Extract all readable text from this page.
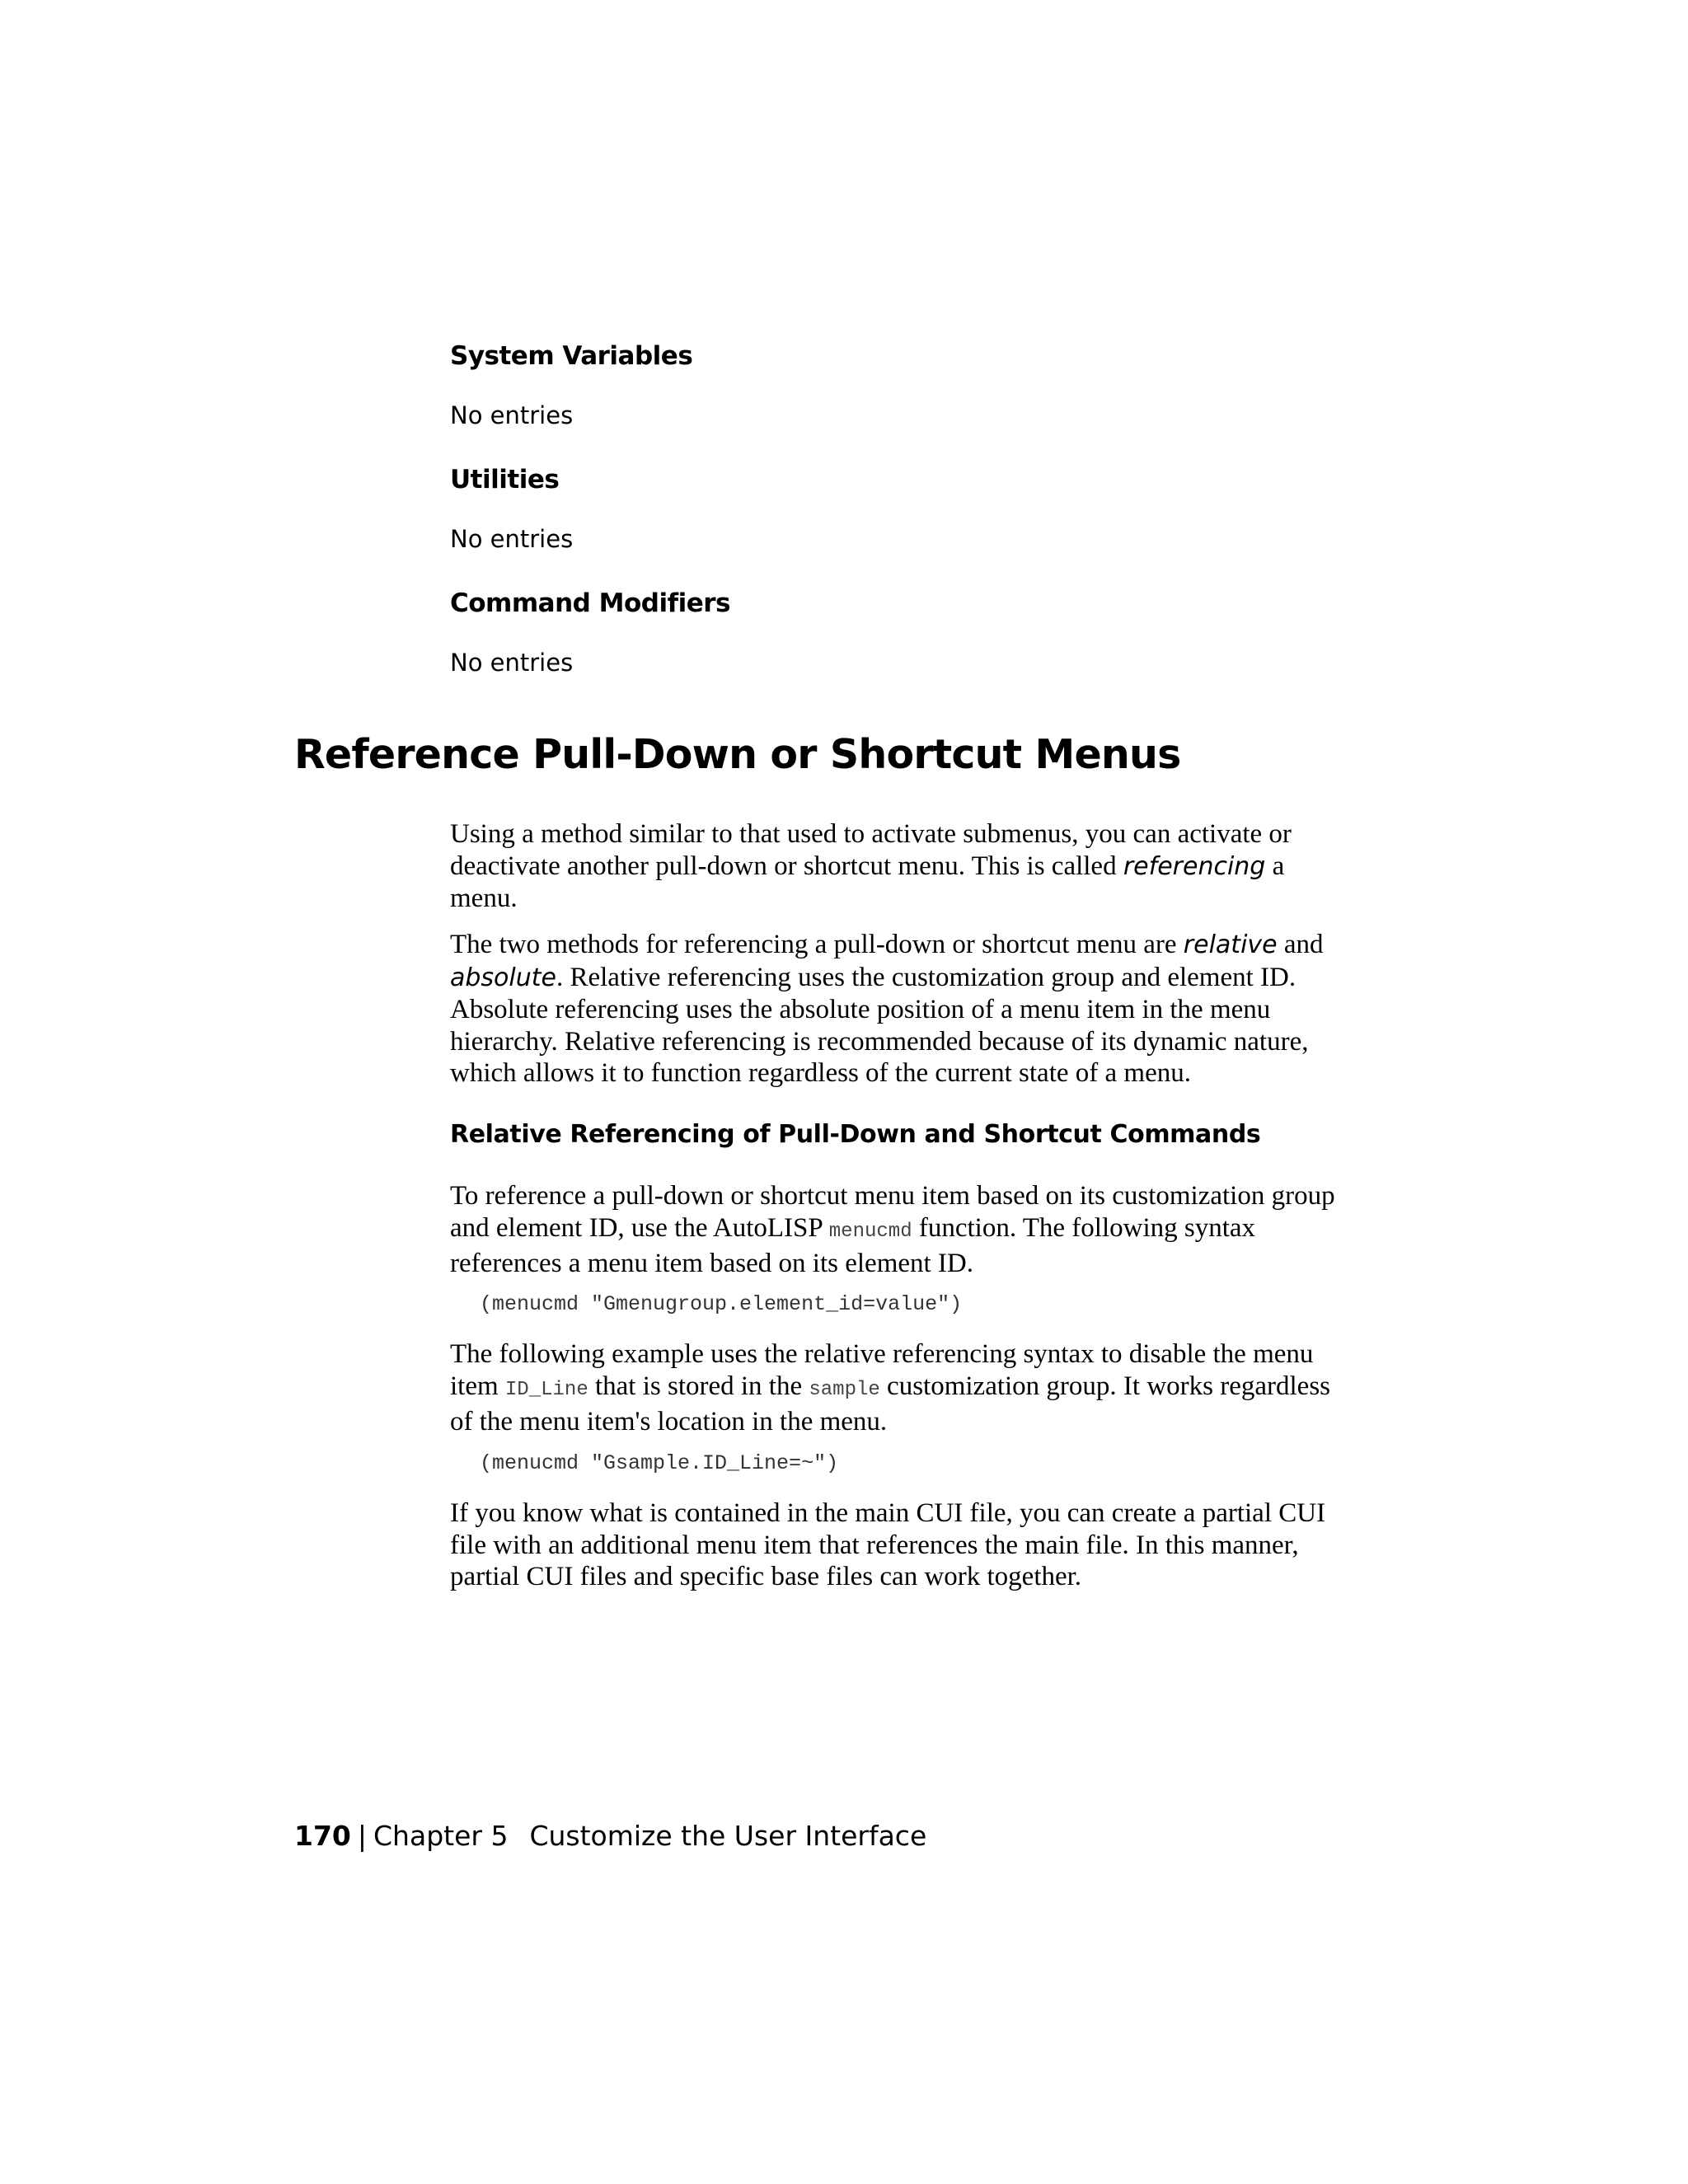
System Variables

No entries

Utilities

No entries

Command Modifiers

No entries

Reference Pull-Down or Shortcut Menus

Using a method similar to that used to activate submenus, you can activate or deactivate another pull-down or shortcut menu. This is called referencing a menu.

The two methods for referencing a pull-down or shortcut menu are relative and absolute. Relative referencing uses the customization group and element ID. Absolute referencing uses the absolute position of a menu item in the menu hierarchy. Relative referencing is recommended because of its dynamic nature, which allows it to function regardless of the current state of a menu.

Relative Referencing of Pull-Down and Shortcut Commands

To reference a pull-down or shortcut menu item based on its customization group and element ID, use the AutoLISP menucmd function. The following syntax references a menu item based on its element ID.

(menucmd "Gmenugroup.element_id=value")

The following example uses the relative referencing syntax to disable the menu item ID_Line that is stored in the sample customization group. It works regardless of the menu item's location in the menu.

(menucmd "Gsample.ID_Line=~")

If you know what is contained in the main CUI file, you can create a partial CUI file with an additional menu item that references the main file. In this manner, partial CUI files and specific base files can work together.

170 | Chapter 5 Customize the User Interface
